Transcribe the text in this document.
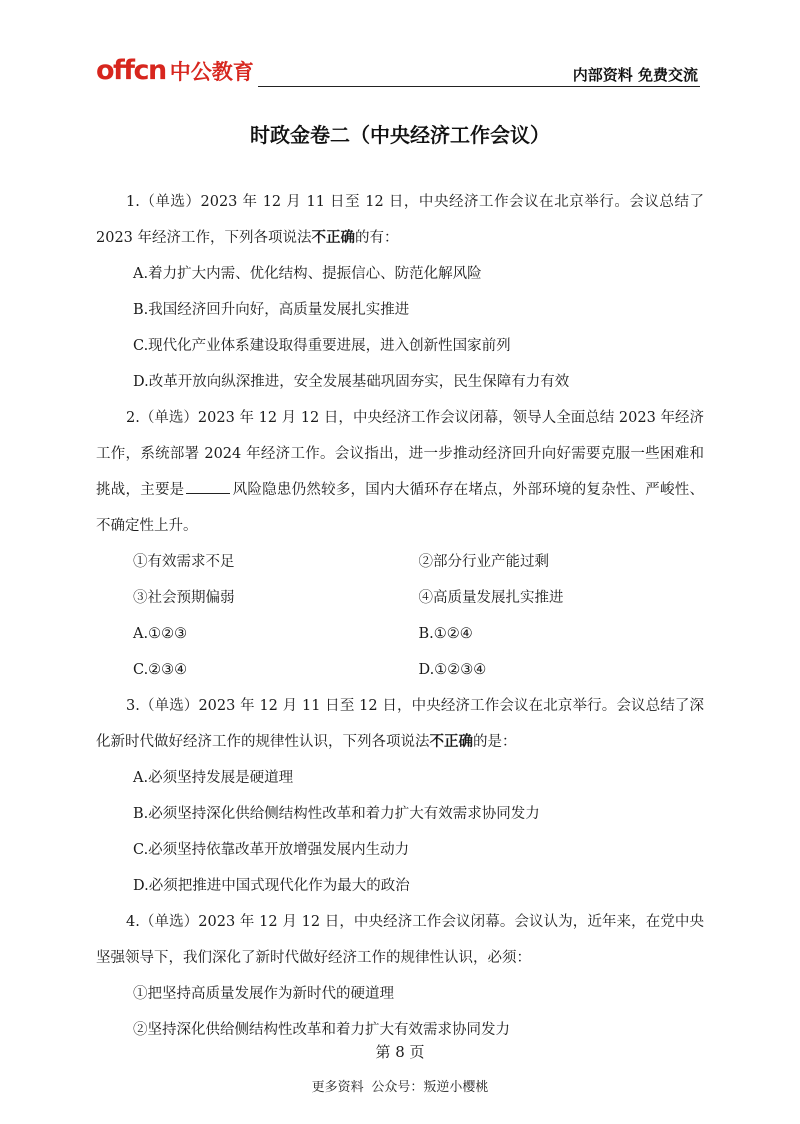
offcn 中公教育	内部资料 免费交流
时政金卷二（中央经济工作会议）

1.（单选）2023 年 12 月 11 日至 12 日，中央经济工作会议在北京举行。会议总结了 2023 年经济工作，下列各项说法不正确的有：

A.着力扩大内需、优化结构、提振信心、防范化解风险

B.我国经济回升向好，高质量发展扎实推进

C.现代化产业体系建设取得重要进展，进入创新性国家前列

D.改革开放向纵深推进，安全发展基础巩固夯实，民生保障有力有效

2.（单选）2023 年 12 月 12 日，中央经济工作会议闭幕，领导人全面总结 2023 年经济工作，系统部署 2024 年经济工作。会议指出，进一步推动经济回升向好需要克服一些困难和挑战，主要是	风险隐患仍然较多，国内大循环存在堵点，外部环境的复杂性、严峻性、不确定性上升。

①有效需求不足	②部分行业产能过剩
③社会预期偏弱	④高质量发展扎实推进
A.①②③	B.①②④
C.②③④	D.①②③④

3.（单选）2023 年 12 月 11 日至 12 日，中央经济工作会议在北京举行。会议总结了深化新时代做好经济工作的规律性认识，下列各项说法不正确的是：

A.必须坚持发展是硬道理

B.必须坚持深化供给侧结构性改革和着力扩大有效需求协同发力

C.必须坚持依靠改革开放增强发展内生动力

D.必须把推进中国式现代化作为最大的政治

4.（单选）2023 年 12 月 12 日，中央经济工作会议闭幕。会议认为，近年来，在党中央坚强领导下，我们深化了新时代做好经济工作的规律性认识，必须：

①把坚持高质量发展作为新时代的硬道理

②坚持深化供给侧结构性改革和着力扩大有效需求协同发力

第 8 页
更多资料 公众号：叛逆小樱桃
